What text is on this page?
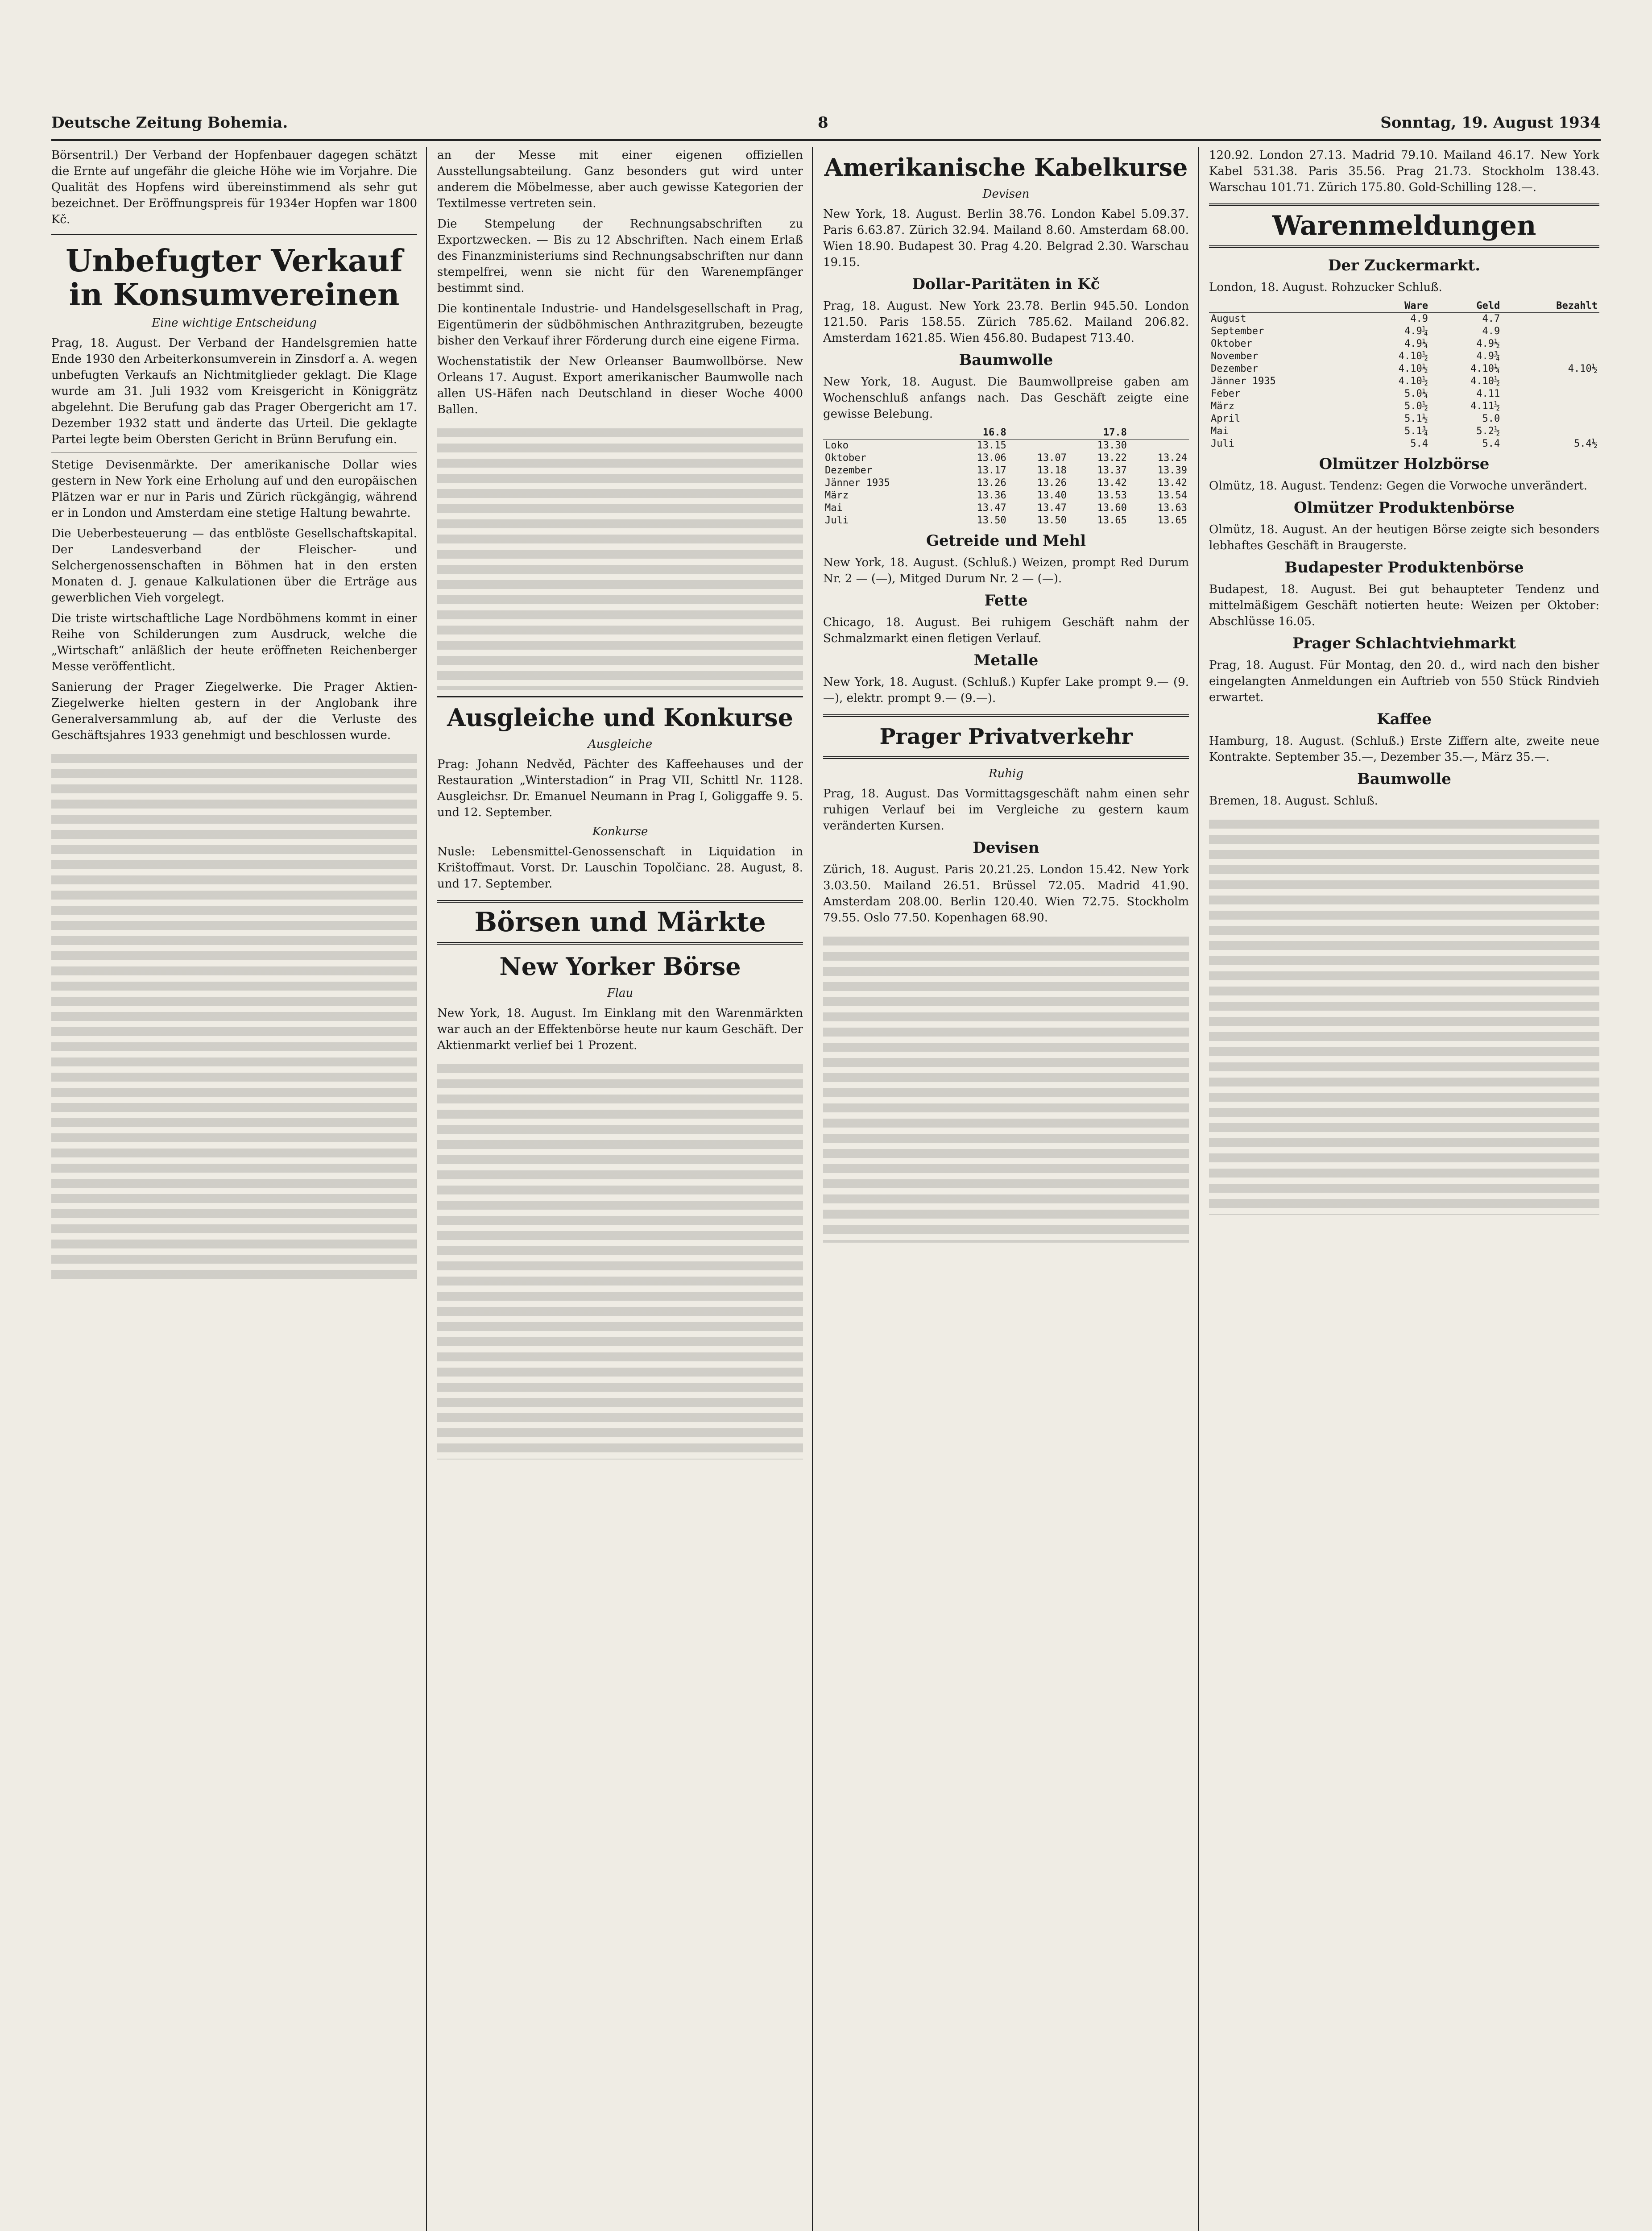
Deutsche Zeitung Bohemia.	8	Sonntag, 19. August 1934

Börsentril.) Der Verband der Hopfenbauer dagegen schätzt die Ernte auf ungefähr die gleiche Höhe wie im Vorjahre. Die Qualität des Hopfens wird übereinstimmend als sehr gut bezeichnet. Der Eröffnungspreis für 1934er Hopfen war 1800 Kč.

Unbefugter Verkauf in Konsumvereinen
Eine wichtige Entscheidung

Prag, 18. August. Der Verband der Handelsgremien hatte Ende 1930 den Arbeiterkonsumverein in Zinsdorf a. A. wegen unbefugten Verkaufs an Nichtmitglieder geklagt. Die Klage wurde am 31. Juli 1932 vom Kreisgericht in Königgrätz abgelehnt. Die Berufung gab das Prager Obergericht am 17. Dezember 1932 statt und änderte das Urteil. Die geklagte Partei legte beim Obersten Gericht in Brünn Berufung ein.

Stetige Devisenmärkte. Der amerikanische Dollar wies gestern in New York eine Erholung auf und den europäischen Plätzen war er nur in Paris und Zürich rückgängig, während er in London und Amsterdam eine stetige Haltung bewahrte.

Die Ueberbesteuerung — das entblöste Gesellschaftskapital. Der Landesverband der Fleischer- und Selchergenossenschaften in Böhmen hat in den ersten Monaten d. J. genaue Kalkulationen über die Erträge aus gewerblichen Vieh vorgelegt.

Die triste wirtschaftliche Lage Nordböhmens kommt in einer Reihe von Schilderungen zum Ausdruck, welche die „Wirtschaft“ anläßlich der heute eröffneten Reichenberger Messe veröffentlicht.

Sanierung der Prager Ziegelwerke. Die Prager Aktien-Ziegelwerke hielten gestern in der Anglobank ihre Generalversammlung ab, auf der die Verluste des Geschäftsjahres 1933 genehmigt und beschlossen wurde.

an der Messe mit einer eigenen offiziellen Ausstellungsabteilung. Ganz besonders gut wird unter anderem die Möbelmesse, aber auch gewisse Kategorien der Textilmesse vertreten sein.

Die Stempelung der Rechnungsabschriften zu Exportzwecken. — Bis zu 12 Abschriften. Nach einem Erlaß des Finanzministeriums sind Rechnungsabschriften nur dann stempelfrei, wenn sie nicht für den Warenempfänger bestimmt sind.

Die kontinentale Industrie- und Handelsgesellschaft in Prag, Eigentümerin der südböhmischen Anthrazitgruben, bezeugte bisher den Verkauf ihrer Förderung durch eine eigene Firma.

Wochenstatistik der New Orleanser Baumwollbörse. New Orleans 17. August. Export amerikanischer Baumwolle nach allen US-Häfen nach Deutschland in dieser Woche 4000 Ballen.

Ausgleiche und Konkurse
Ausgleiche

Prag: Johann Nedvěd, Pächter des Kaffeehauses und der Restauration „Winterstadion“ in Prag VII, Schittl Nr. 1128. Ausgleichsr. Dr. Emanuel Neumann in Prag I, Goliggaffe 9. 5. und 12. September.

Konkurse

Nusle: Lebensmittel-Genossenschaft in Liquidation in Krištoffmaut. Vorst. Dr. Lauschin Topolčianc. 28. August, 8. und 17. September.

Börsen und Märkte
New Yorker Börse
Flau

New York, 18. August. Im Einklang mit den Warenmärkten war auch an der Effektenbörse heute nur kaum Geschäft. Der Aktienmarkt verlief bei 1 Prozent.

Amerikanische Kabelkurse
Devisen

New York, 18. August. Berlin 38.76. London Kabel 5.09.37. Paris 6.63.87. Zürich 32.94. Mailand 8.60. Amsterdam 68.00. Wien 18.90. Budapest 30. Prag 4.20. Belgrad 2.30. Warschau 19.15.

Dollar-Paritäten in Kč

Prag, 18. August. New York 23.78. Berlin 945.50. London 121.50. Paris 158.55. Zürich 785.62. Mailand 206.82. Amsterdam 1621.85. Wien 456.80. Budapest 713.40.

Baumwolle

New York, 18. August. Die Baumwollpreise gaben am Wochenschluß anfangs nach. Das Geschäft zeigte eine gewisse Belebung.

	16.8		17.8	
Loko	13.15		13.30	
Oktober	13.06	13.07	13.22	13.24
Dezember	13.17	13.18	13.37	13.39
Jänner 1935	13.26	13.26	13.42	13.42
März	13.36	13.40	13.53	13.54
Mai	13.47	13.47	13.60	13.63
Juli	13.50	13.50	13.65	13.65
Getreide und Mehl

New York, 18. August. (Schluß.) Weizen, prompt Red Durum Nr. 2 — (—), Mitged Durum Nr. 2 — (—).

Fette

Chicago, 18. August. Bei ruhigem Geschäft nahm der Schmalzmarkt einen fletigen Verlauf.

Metalle

New York, 18. August. (Schluß.) Kupfer Lake prompt 9.— (9.—), elektr. prompt 9.— (9.—).

Prager Privatverkehr
Ruhig

Prag, 18. August. Das Vormittagsgeschäft nahm einen sehr ruhigen Verlauf bei im Vergleiche zu gestern kaum veränderten Kursen.

Devisen

Zürich, 18. August. Paris 20.21.25. London 15.42. New York 3.03.50. Mailand 26.51. Brüssel 72.05. Madrid 41.90. Amsterdam 208.00. Berlin 120.40. Wien 72.75. Stockholm 79.55. Oslo 77.50. Kopenhagen 68.90.

120.92. London 27.13. Madrid 79.10. Mailand 46.17. New York Kabel 531.38. Paris 35.56. Prag 21.73. Stockholm 138.43. Warschau 101.71. Zürich 175.80. Gold-Schilling 128.—.

Warenmeldungen
Der Zuckermarkt.

London, 18. August. Rohzucker Schluß.

	Ware	Geld	Bezahlt
August	4.9	4.7	
September	4.9¼	4.9	
Oktober	4.9¼	4.9½	
November	4.10½	4.9¾	
Dezember	4.10½	4.10¼	4.10½
Jänner 1935	4.10½	4.10½	
Feber	5.0¼	4.11	
März	5.0½	4.11½	
April	5.1½	5.0	
Mai	5.1¾	5.2½	
Juli	5.4	5.4	5.4½
Olmützer Holzbörse

Olmütz, 18. August. Tendenz: Gegen die Vorwoche unverändert.

Olmützer Produktenbörse

Olmütz, 18. August. An der heutigen Börse zeigte sich besonders lebhaftes Geschäft in Braugerste.

Budapester Produktenbörse

Budapest, 18. August. Bei gut behaupteter Tendenz und mittelmäßigem Geschäft notierten heute: Weizen per Oktober: Abschlüsse 16.05.

Prager Schlachtviehmarkt

Prag, 18. August. Für Montag, den 20. d., wird nach den bisher eingelangten Anmeldungen ein Auftrieb von 550 Stück Rindvieh erwartet.

Kaffee

Hamburg, 18. August. (Schluß.) Erste Ziffern alte, zweite neue Kontrakte. September 35.—, Dezember 35.—, März 35.—.

Baumwolle

Bremen, 18. August. Schluß.
